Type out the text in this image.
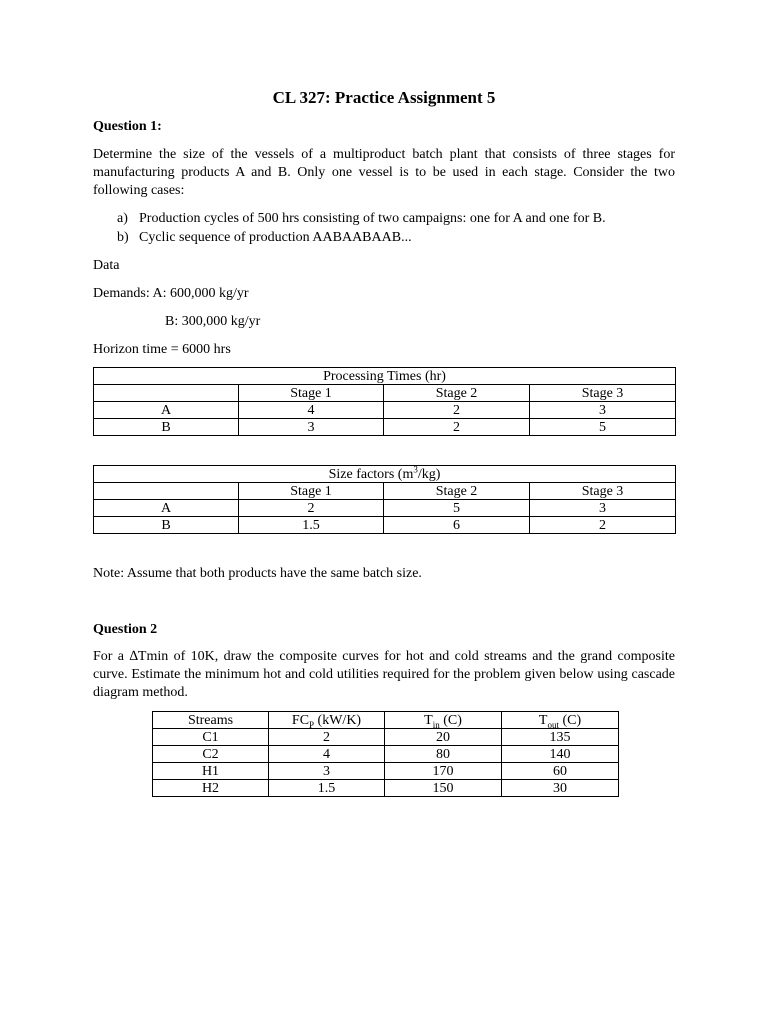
CL 327: Practice Assignment 5
Question 1:
Determine the size of the vessels of a multiproduct batch plant that consists of three stages for manufacturing products A and B. Only one vessel is to be used in each stage. Consider the two following cases:
a) Production cycles of 500 hrs consisting of two campaigns: one for A and one for B.
b) Cyclic sequence of production AABAABAAB...
Data
Demands: A: 600,000 kg/yr
B: 300,000 kg/yr
Horizon time = 6000 hrs
Processing Times (hr)			
	Stage 1	Stage 2	Stage 3
A	4	2	3
B	3	2	5
Size factors $(m^3/kg)$			
	Stage 1	Stage 2	Stage 3
A	2	5	3
B	1.5	6	2
Note: Assume that both products have the same batch size.
Question 2
For a ∆Tmin of 10K, draw the composite curves for hot and cold streams and the grand composite curve. Estimate the minimum hot and cold utilities required for the problem given below using cascade diagram method.
Streams	$FC_P$ (kW/K)	$T_{in}$ (C)	$T_{out}$ (C)
C1	2	20	135
C2	4	80	140
H1	3	170	60
H2	1.5	150	30
